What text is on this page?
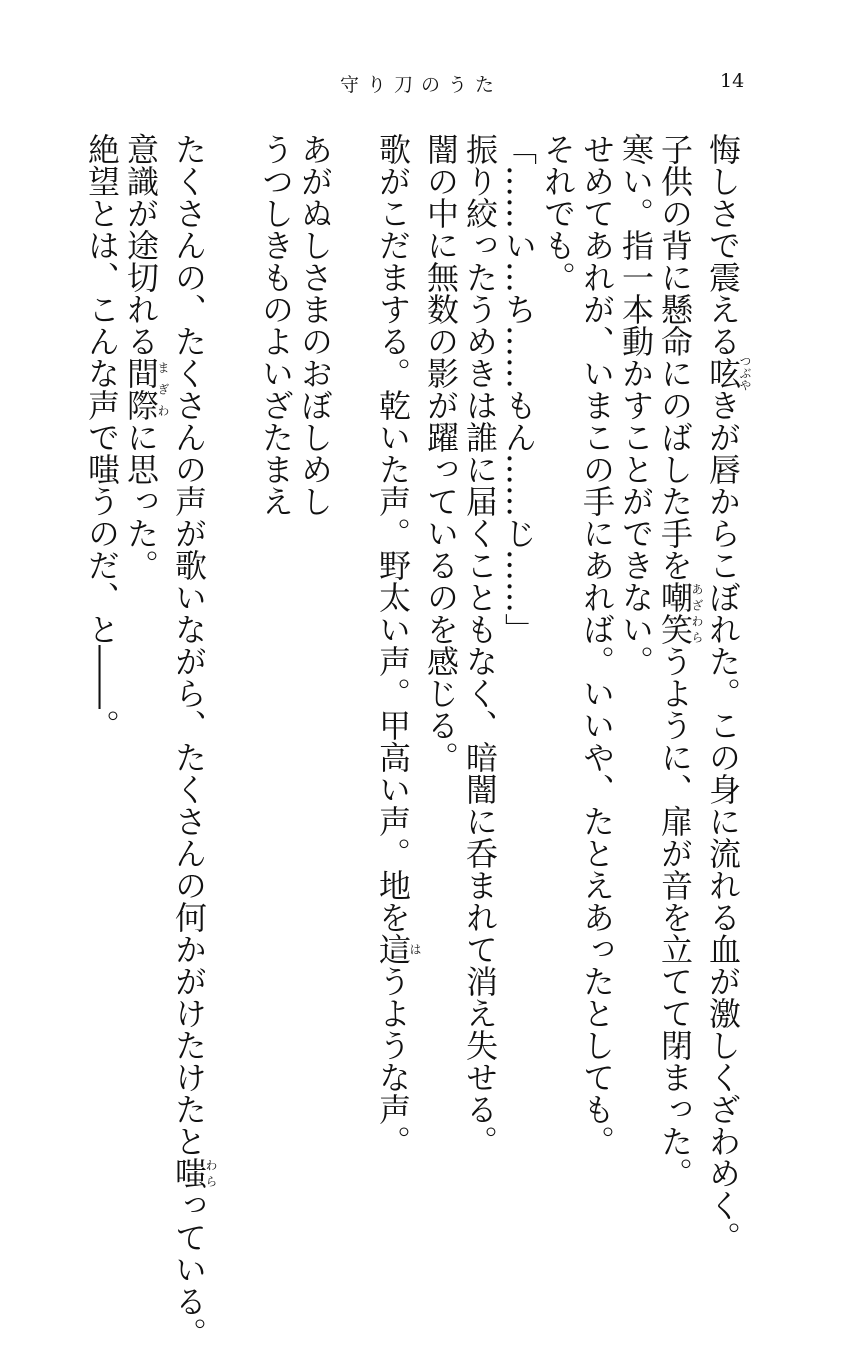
守り刀のうた	14
悔しさで震える呟つぶやきが唇からこぼれた。この身に流れる血が激しくざわめく。
子供の背に懸命にのばした手を嘲笑あざわらうように、扉が音を立てて閉まった。
寒い。指一本動かすことができない。
せめてあれが、いまこの手にあれば。いいや、たとえあったとしても。
それでも。
「……い…ち……もん……じ……」
振り絞ったうめきは誰に届くこともなく、暗闇に呑まれて消え失せる。
闇の中に無数の影が躍っているのを感じる。
歌がこだまする。乾いた声。野太い声。甲高い声。地を這はうような声。
あがぬしさまのおぼしめし
うつしきものよいざたまえ
たくさんの、たくさんの声が歌いながら、たくさんの何かがけたけたと嗤わらっている。
意識が途切れる間際まぎわに思った。
絶望とは、こんな声で嗤うのだ、と――。
